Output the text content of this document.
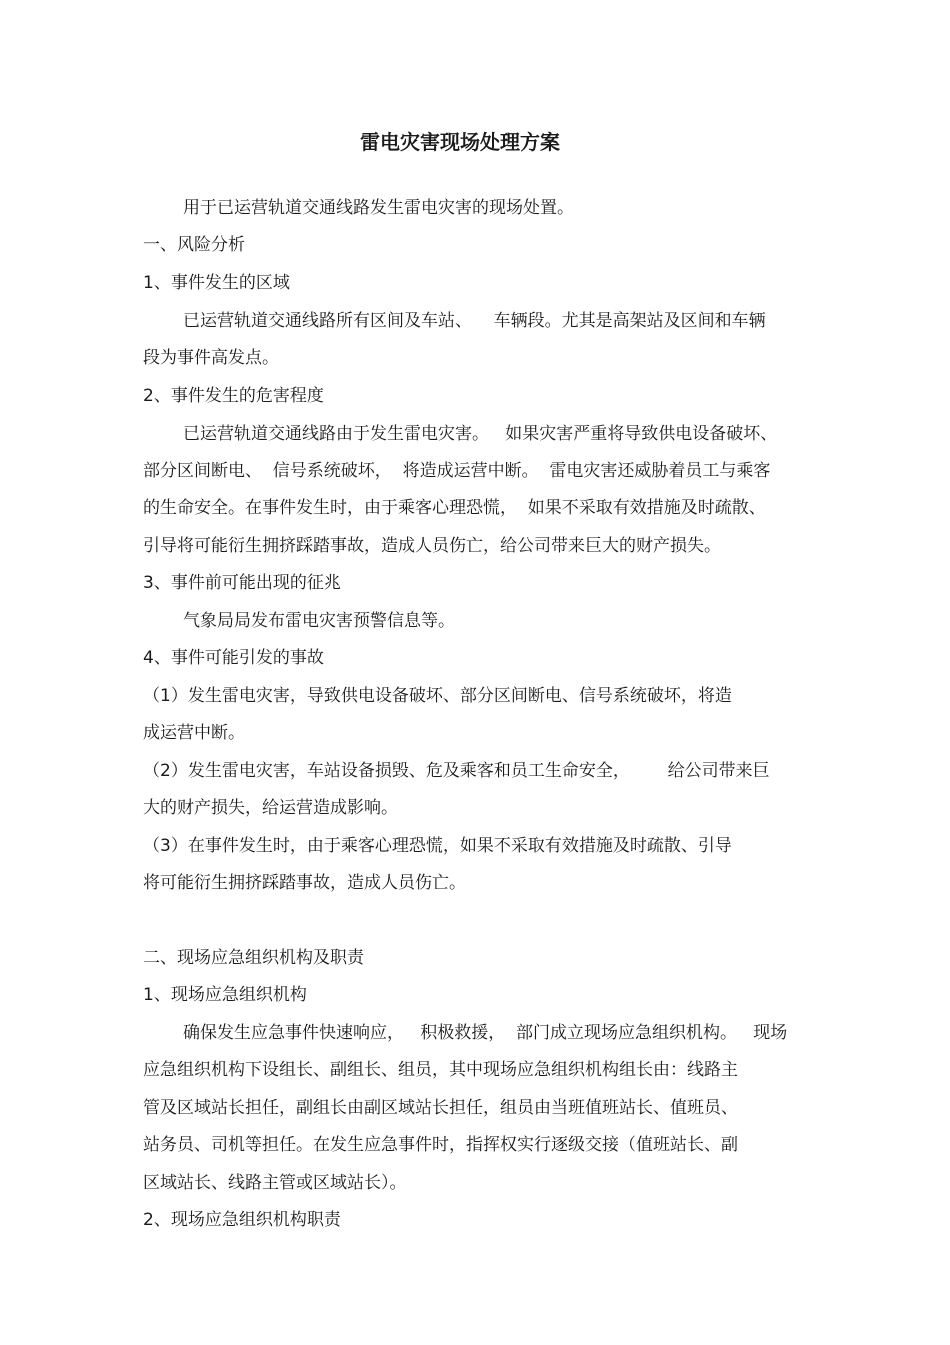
雷电灾害现场处理方案

用于已运营轨道交通线路发生雷电灾害的现场处置。

一、风险分析

1、事件发生的区域

已运营轨道交通线路所有区间及车站、    车辆段。尤其是高架站及区间和车辆

段为事件高发点。

2、事件发生的危害程度

已运营轨道交通线路由于发生雷电灾害。   如果灾害严重将导致供电设备破坏、

部分区间断电、  信号系统破坏，  将造成运营中断。  雷电灾害还威胁着员工与乘客

的生命安全。在事件发生时，由于乘客心理恐慌，  如果不采取有效措施及时疏散、

引导将可能衍生拥挤踩踏事故，造成人员伤亡，给公司带来巨大的财产损失。

3、事件前可能出现的征兆

气象局局发布雷电灾害预警信息等。

4、事件可能引发的事故

（1）发生雷电灾害，导致供电设备破坏、部分区间断电、信号系统破坏，将造

成运营中断。

（2）发生雷电灾害，车站设备损毁、危及乘客和员工生命安全，       给公司带来巨

大的财产损失，给运营造成影响。

（3）在事件发生时，由于乘客心理恐慌，如果不采取有效措施及时疏散、引导

将可能衍生拥挤踩踏事故，造成人员伤亡。

二、现场应急组织机构及职责

1、现场应急组织机构

确保发生应急事件快速响应，   积极救援，  部门成立现场应急组织机构。   现场

应急组织机构下设组长、副组长、组员，其中现场应急组织机构组长由：线路主

管及区域站长担任，副组长由副区域站长担任，组员由当班值班站长、值班员、

站务员、司机等担任。在发生应急事件时，指挥权实行逐级交接（值班站长、副

区域站长、线路主管或区域站长）。

2、现场应急组织机构职责
